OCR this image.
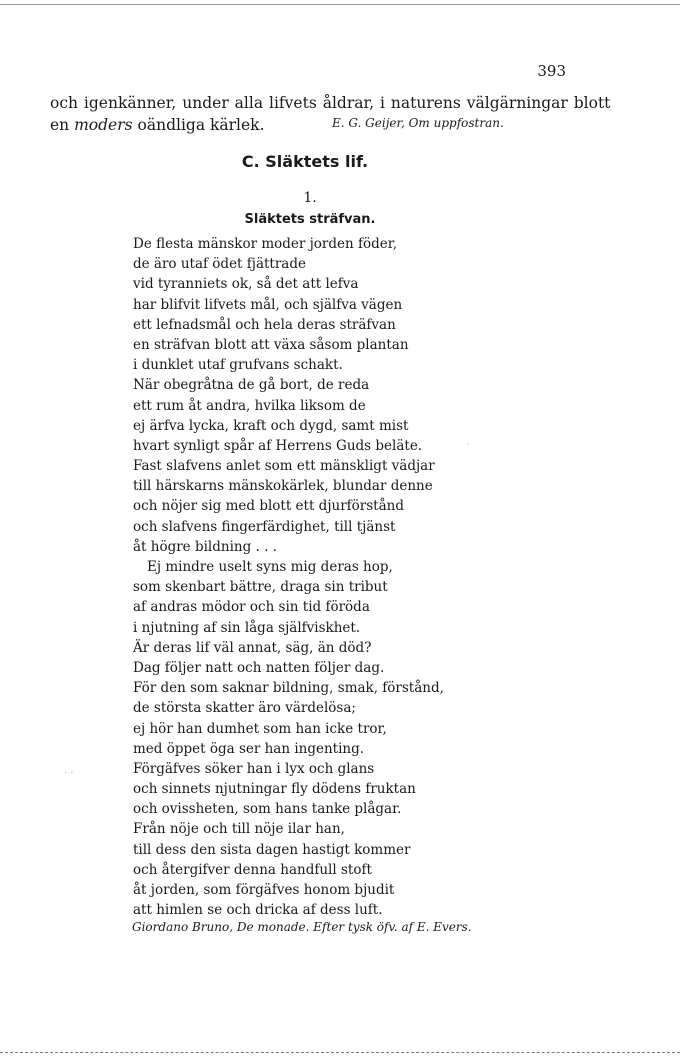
393
och igenkänner, under alla lifvets åldrar, i naturens välgärningar blott
en moders oändliga kärlek.	E. G. Geijer, Om uppfostran.
C. Släktets lif.
1.
Släktets sträfvan.
De flesta mänskor moder jorden föder,
de äro utaf ödet fjättrade
vid tyranniets ok, så det att lefva
har blifvit lifvets mål, och själfva vägen
ett lefnadsmål och hela deras sträfvan
en sträfvan blott att växa såsom plantan
i dunklet utaf grufvans schakt.
När obegråtna de gå bort, de reda
ett rum åt andra, hvilka liksom de
ej ärfva lycka, kraft och dygd, samt mist
hvart synligt spår af Herrens Guds beläte.
Fast slafvens anlet som ett mänskligt vädjar
till härskarns mänskokärlek, blundar denne
och nöjer sig med blott ett djurförstånd
och slafvens fingerfärdighet, till tjänst
åt högre bildning . . .
Ej mindre uselt syns mig deras hop,
som skenbart bättre, draga sin tribut
af andras mödor och sin tid föröda
i njutning af sin låga själfviskhet.
Är deras lif väl annat, säg, än död?
Dag följer natt och natten följer dag.
För den som saknar bildning, smak, förstånd,
de största skatter äro värdelösa;
ej hör han dumhet som han icke tror,
med öppet öga ser han ingenting.
Förgäfves söker han i lyx och glans
och sinnets njutningar fly dödens fruktan
och ovissheten, som hans tanke plågar.
Från nöje och till nöje ilar han,
till dess den sista dagen hastigt kommer
och återgifver denna handfull stoft
åt jorden, som förgäfves honom bjudit
att himlen se och dricka af dess luft.
Giordano Bruno, De monade. Efter tysk öfv. af E. Evers.
· ·
·
